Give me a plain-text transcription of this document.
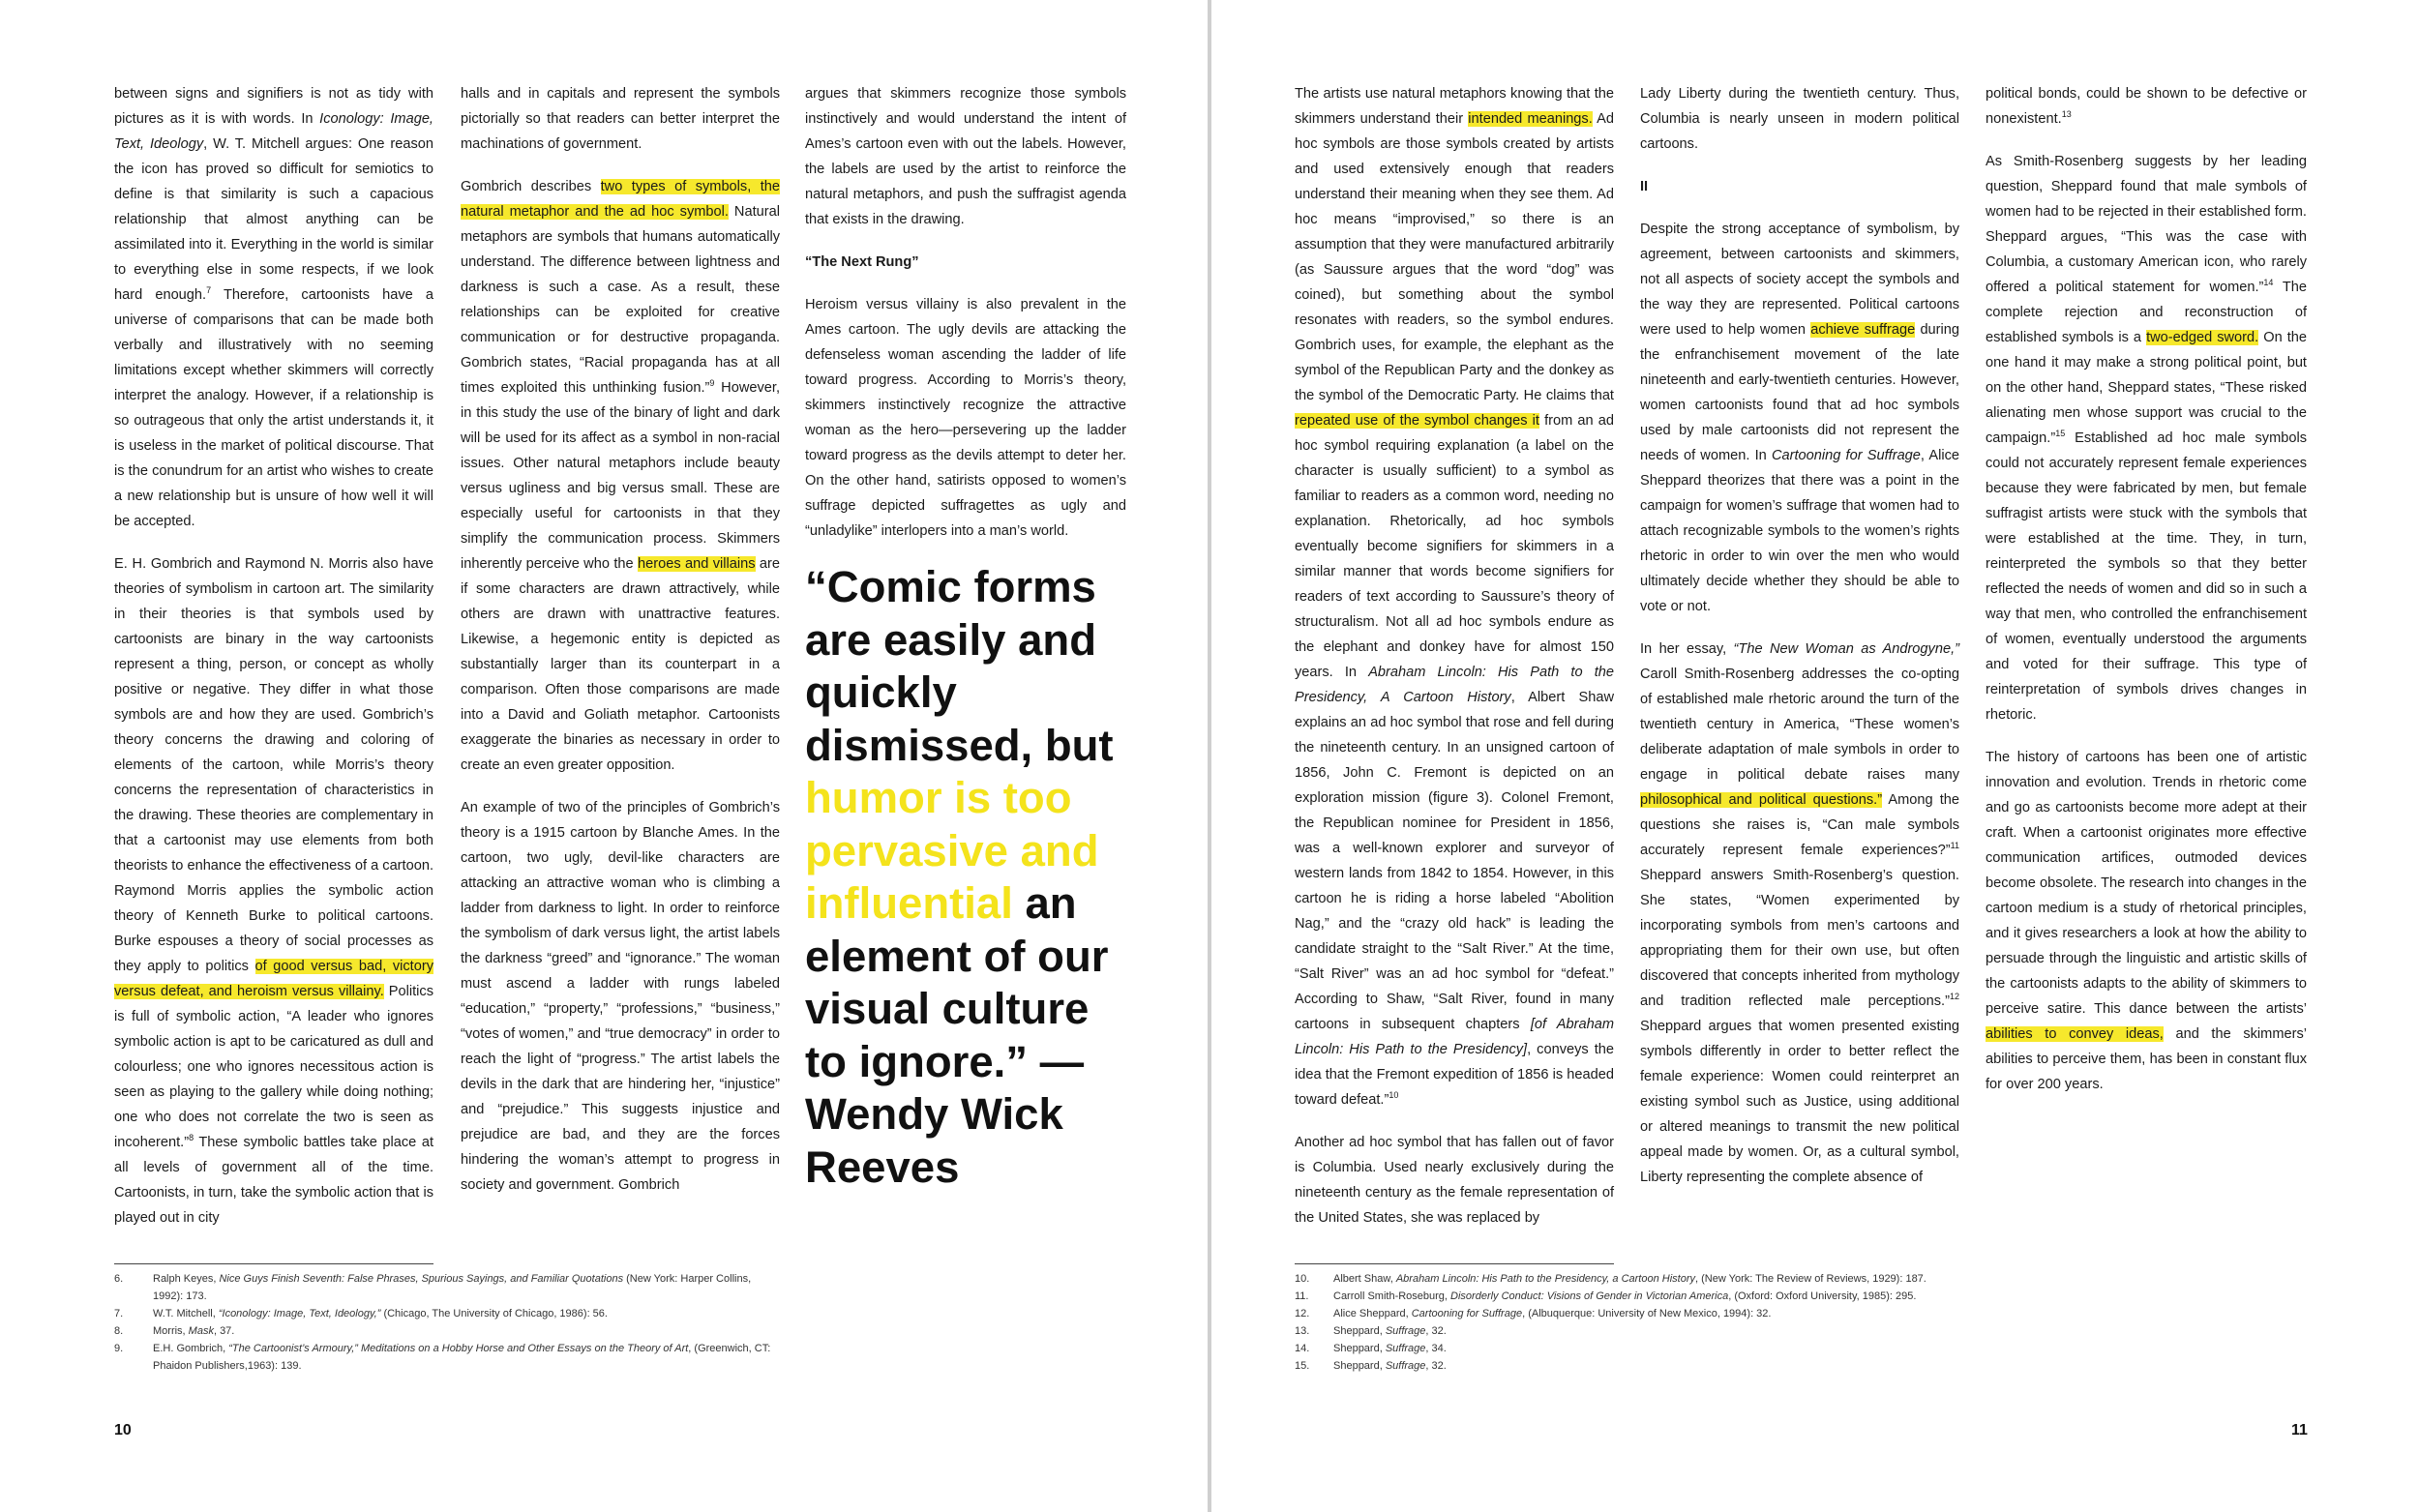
between signs and signifiers is not as tidy with pictures as it is with words. In Iconology: Image, Text, Ideology, W. T. Mitchell argues: One reason the icon has proved so difficult for semiotics to define is that similarity is such a capacious relationship that almost anything can be assimilated into it. Everything in the world is similar to everything else in some respects, if we look hard enough.$^7$ Therefore, cartoonists have a universe of comparisons that can be made both verbally and illustratively with no seeming limitations except whether skimmers will correctly interpret the analogy. However, if a relationship is so outrageous that only the artist understands it, it is useless in the market of political discourse. That is the conundrum for an artist who wishes to create a new relationship but is unsure of how well it will be accepted.

E. H. Gombrich and Raymond N. Morris also have theories of symbolism in cartoon art. The similarity in their theories is that symbols used by cartoonists are binary in the way cartoonists represent a thing, person, or concept as wholly positive or negative. They differ in what those symbols are and how they are used. Gombrich’s theory concerns the drawing and coloring of elements of the cartoon, while Morris’s theory concerns the representation of characteristics in the drawing. These theories are complementary in that a cartoonist may use elements from both theorists to enhance the effectiveness of a cartoon. Raymond Morris applies the symbolic action theory of Kenneth Burke to political cartoons. Burke espouses a theory of social processes as they apply to politics of good versus bad, victory versus defeat, and heroism versus villainy. Politics is full of symbolic action, “A leader who ignores symbolic action is apt to be caricatured as dull and colourless; one who ignores necessitous action is seen as playing to the gallery while doing nothing; one who does not correlate the two is seen as incoherent.”$^8$ These symbolic battles take place at all levels of government all of the time. Cartoonists, in turn, take the symbolic action that is played out in city

halls and in capitals and represent the symbols pictorially so that readers can better interpret the machinations of government.

Gombrich describes two types of symbols, the natural metaphor and the ad hoc symbol. Natural metaphors are symbols that humans automatically understand. The difference between lightness and darkness is such a case. As a result, these relationships can be exploited for creative communication or for destructive propaganda. Gombrich states, “Racial propaganda has at all times exploited this unthinking fusion.”$^9$ However, in this study the use of the binary of light and dark will be used for its affect as a symbol in non-racial issues. Other natural metaphors include beauty versus ugliness and big versus small. These are especially useful for cartoonists in that they simplify the communication process. Skimmers inherently perceive who the heroes and villains are if some characters are drawn attractively, while others are drawn with unattractive features. Likewise, a hegemonic entity is depicted as substantially larger than its counterpart in a comparison. Often those comparisons are made into a David and Goliath metaphor. Cartoonists exaggerate the binaries as necessary in order to create an even greater opposition.

An example of two of the principles of Gombrich’s theory is a 1915 cartoon by Blanche Ames. In the cartoon, two ugly, devil-like characters are attacking an attractive woman who is climbing a ladder from darkness to light. In order to reinforce the symbolism of dark versus light, the artist labels the darkness “greed” and “ignorance.” The woman must ascend a ladder with rungs labeled “education,” “property,” “professions,” “business,” “votes of women,” and “true democracy” in order to reach the light of “progress.” The artist labels the devils in the dark that are hindering her, “injustice” and “prejudice.” This suggests injustice and prejudice are bad, and they are the forces hindering the woman’s attempt to progress in society and government. Gombrich

argues that skimmers recognize those symbols instinctively and would understand the intent of Ames’s cartoon even with out the labels. However, the labels are used by the artist to reinforce the natural metaphors, and push the suffragist agenda that exists in the drawing.

“The Next Rung”

Heroism versus villainy is also prevalent in the Ames cartoon. The ugly devils are attacking the defenseless woman ascending the ladder of life toward progress. According to Morris’s theory, skimmers instinctively recognize the attractive woman as the hero—persevering up the ladder toward progress as the devils attempt to deter her. On the other hand, satirists opposed to women’s suffrage depicted suffragettes as ugly and “unladylike” interlopers into a man’s world.

“Comic forms are easily and quickly dismissed, but humor is too pervasive and influential an element of our visual culture to ignore.” —Wendy Wick Reeves
6.	Ralph Keyes, Nice Guys Finish Seventh: False Phrases, Spurious Sayings, and Familiar Quotations (New York: Harper Collins, 1992): 173.
7.	W.T. Mitchell, “Iconology: Image, Text, Ideology,” (Chicago, The University of Chicago, 1986): 56.
8.	Morris, Mask, 37.
9.	E.H. Gombrich, “The Cartoonist’s Armoury,” Meditations on a Hobby Horse and Other Essays on the Theory of Art, (Greenwich, CT: Phaidon Publishers,1963): 139.
10

The artists use natural metaphors knowing that the skimmers understand their intended meanings. Ad hoc symbols are those symbols created by artists and used extensively enough that readers understand their meaning when they see them. Ad hoc means “improvised,” so there is an assumption that they were manufactured arbitrarily (as Saussure argues that the word “dog” was coined), but something about the symbol resonates with readers, so the symbol endures. Gombrich uses, for example, the elephant as the symbol of the Republican Party and the donkey as the symbol of the Democratic Party. He claims that repeated use of the symbol changes it from an ad hoc symbol requiring explanation (a label on the character is usually sufficient) to a symbol as familiar to readers as a common word, needing no explanation. Rhetorically, ad hoc symbols eventually become signifiers for skimmers in a similar manner that words become signifiers for readers of text according to Saussure’s theory of structuralism. Not all ad hoc symbols endure as the elephant and donkey have for almost 150 years. In Abraham Lincoln: His Path to the Presidency, A Cartoon History, Albert Shaw explains an ad hoc symbol that rose and fell during the nineteenth century. In an unsigned cartoon of 1856, John C. Fremont is depicted on an exploration mission (figure 3). Colonel Fremont, the Republican nominee for President in 1856, was a well-known explorer and surveyor of western lands from 1842 to 1854. However, in this cartoon he is riding a horse labeled “Abolition Nag,” and the “crazy old hack” is leading the candidate straight to the “Salt River.” At the time, “Salt River” was an ad hoc symbol for “defeat.” According to Shaw, “Salt River, found in many cartoons in subsequent chapters [of Abraham Lincoln: His Path to the Presidency], conveys the idea that the Fremont expedition of 1856 is headed toward defeat.”$^{10}$

Another ad hoc symbol that has fallen out of favor is Columbia. Used nearly exclusively during the nineteenth century as the female representation of the United States, she was replaced by

Lady Liberty during the twentieth century. Thus, Columbia is nearly unseen in modern political cartoons.

II

Despite the strong acceptance of symbolism, by agreement, between cartoonists and skimmers, not all aspects of society accept the symbols and the way they are represented. Political cartoons were used to help women achieve suffrage during the enfranchisement movement of the late nineteenth and early-twentieth centuries. However, women cartoonists found that ad hoc symbols used by male cartoonists did not represent the needs of women. In Cartooning for Suffrage, Alice Sheppard theorizes that there was a point in the campaign for women’s suffrage that women had to attach recognizable symbols to the women’s rights rhetoric in order to win over the men who would ultimately decide whether they should be able to vote or not.

In her essay, “The New Woman as Androgyne,” Caroll Smith-Rosenberg addresses the co-opting of established male rhetoric around the turn of the twentieth century in America, “These women’s deliberate adaptation of male symbols in order to engage in political debate raises many philosophical and political questions.” Among the questions she raises is, “Can male symbols accurately represent female experiences?”$^{11}$ Sheppard answers Smith-Rosenberg’s question. She states, “Women experimented by incorporating symbols from men’s cartoons and appropriating them for their own use, but often discovered that concepts inherited from mythology and tradition reflected male perceptions.”$^{12}$ Sheppard argues that women presented existing symbols differently in order to better reflect the female experience: Women could reinterpret an existing symbol such as Justice, using additional or altered meanings to transmit the new political appeal made by women. Or, as a cultural symbol, Liberty representing the complete absence of

political bonds, could be shown to be defective or nonexistent.$^{13}$

As Smith-Rosenberg suggests by her leading question, Sheppard found that male symbols of women had to be rejected in their established form. Sheppard argues, “This was the case with Columbia, a customary American icon, who rarely offered a political statement for women.”$^{14}$ The complete rejection and reconstruction of established symbols is a two-edged sword. On the one hand it may make a strong political point, but on the other hand, Sheppard states, “These risked alienating men whose support was crucial to the campaign.”$^{15}$ Established ad hoc male symbols could not accurately represent female experiences because they were fabricated by men, but female suffragist artists were stuck with the symbols that were established at the time. They, in turn, reinterpreted the symbols so that they better reflected the needs of women and did so in such a way that men, who controlled the enfranchisement of women, eventually understood the arguments and voted for their suffrage. This type of reinterpretation of symbols drives changes in rhetoric.

The history of cartoons has been one of artistic innovation and evolution. Trends in rhetoric come and go as cartoonists become more adept at their craft. When a cartoonist originates more effective communication artifices, outmoded devices become obsolete. The research into changes in the cartoon medium is a study of rhetorical principles, and it gives researchers a look at how the ability to persuade through the linguistic and artistic skills of the cartoonists adapts to the ability of skimmers to perceive satire. This dance between the artists’ abilities to convey ideas, and the skimmers’ abilities to perceive them, has been in constant flux for over 200 years.

10.	Albert Shaw, Abraham Lincoln: His Path to the Presidency, a Cartoon History, (New York: The Review of Reviews, 1929): 187.
11.	Carroll Smith-Roseburg, Disorderly Conduct: Visions of Gender in Victorian America, (Oxford: Oxford University, 1985): 295.
12.	Alice Sheppard, Cartooning for Suffrage, (Albuquerque: University of New Mexico, 1994): 32.
13.	Sheppard, Suffrage, 32.
14.	Sheppard, Suffrage, 34.
15.	Sheppard, Suffrage, 32.
11
